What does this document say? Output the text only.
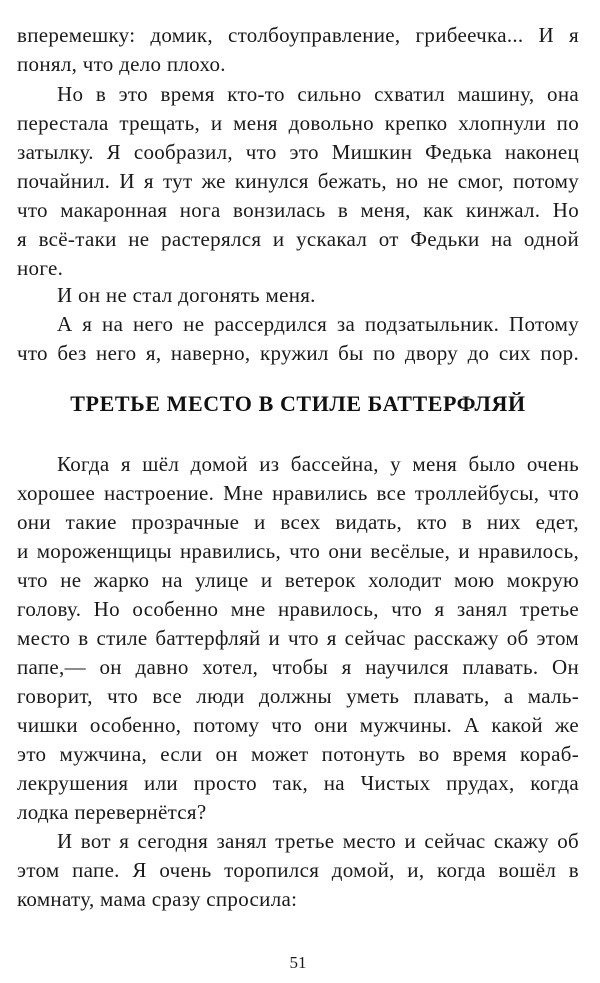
вперемешку: домик, столбоуправление, грибеечка... И я
понял, что дело плохо.
Но в это время кто-то сильно схватил машину, она
перестала трещать, и меня довольно крепко хлопнули по
затылку. Я сообразил, что это Мишкин Федька наконец
почайнил. И я тут же кинулся бежать, но не смог, потому
что макаронная нога вонзилась в меня, как кинжал. Но
я всё-таки не растерялся и ускакал от Федьки на одной
ноге.
И он не стал догонять меня.
А я на него не рассердился за подзатыльник. Потому
что без него я, наверно, кружил бы по двору до сих пор.
ТРЕТЬЕ МЕСТО В СТИЛЕ БАТТЕРФЛЯЙ
Когда я шёл домой из бассейна, у меня было очень
хорошее настроение. Мне нравились все троллейбусы, что
они такие прозрачные и всех видать, кто в них едет,
и мороженщицы нравились, что они весёлые, и нравилось,
что не жарко на улице и ветерок холодит мою мокрую
голову. Но особенно мне нравилось, что я занял третье
место в стиле баттерфляй и что я сейчас расскажу об этом
папе,— он давно хотел, чтобы я научился плавать. Он
говорит, что все люди должны уметь плавать, а маль-
чишки особенно, потому что они мужчины. А какой же
это мужчина, если он может потонуть во время кораб-
лекрушения или просто так, на Чистых прудах, когда
лодка перевернётся?
И вот я сегодня занял третье место и сейчас скажу об
этом папе. Я очень торопился домой, и, когда вошёл в
комнату, мама сразу спросила:
51
